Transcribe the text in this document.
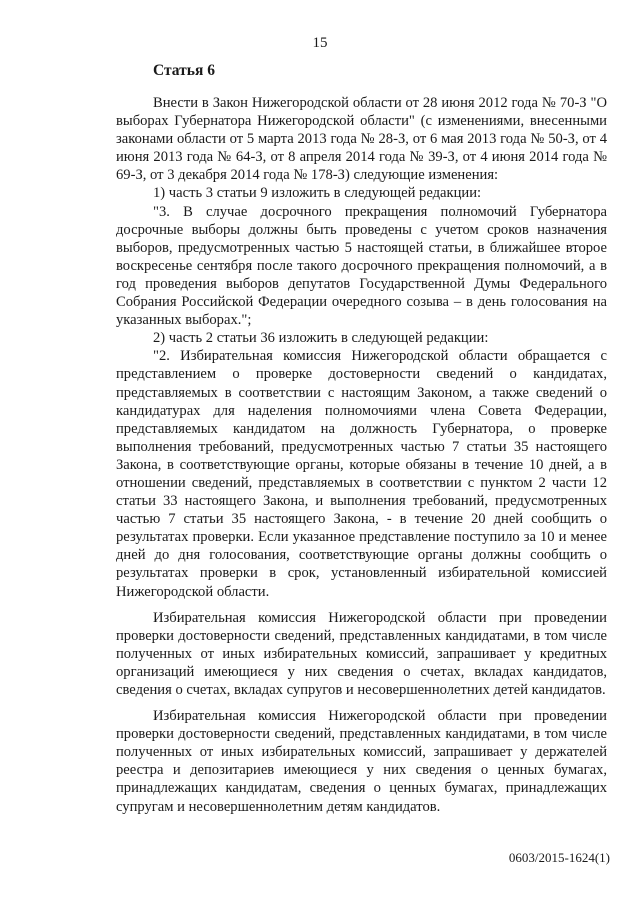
15
Статья 6

Внести в Закон Нижегородской области от 28 июня 2012 года № 70-З "О выборах Губернатора Нижегородской области" (с изменениями, внесенными законами области от 5 марта 2013 года № 28-З, от 6 мая 2013 года № 50-З, от 4 июня 2013 года № 64-З, от 8 апреля 2014 года № 39-З, от 4 июня 2014 года № 69-З, от 3 декабря 2014 года № 178-З) следующие изменения:

1) часть 3 статьи 9 изложить в следующей редакции:

"3. В случае досрочного прекращения полномочий Губернатора досрочные выборы должны быть проведены с учетом сроков назначения выборов, предусмотренных частью 5 настоящей статьи, в ближайшее второе воскресенье сентября после такого досрочного прекращения полномочий, а в год проведения выборов депутатов Государственной Думы Федерального Собрания Российской Федерации очередного созыва – в день голосования на указанных выборах.";

2) часть 2 статьи 36 изложить в следующей редакции:

"2. Избирательная комиссия Нижегородской области обращается с представлением о проверке достоверности сведений о кандидатах, представляемых в соответствии с настоящим Законом, а также сведений о кандидатурах для наделения полномочиями члена Совета Федерации, представляемых кандидатом на должность Губернатора, о проверке выполнения требований, предусмотренных частью 7 статьи 35 настоящего Закона, в соответствующие органы, которые обязаны в течение 10 дней, а в отношении сведений, представляемых в соответствии с пунктом 2 части 12 статьи 33 настоящего Закона, и выполнения требований, предусмотренных частью 7 статьи 35 настоящего Закона, - в течение 20 дней сообщить о результатах проверки. Если указанное представление поступило за 10 и менее дней до дня голосования, соответствующие органы должны сообщить о результатах проверки в срок, установленный избирательной комиссией Нижегородской области.

Избирательная комиссия Нижегородской области при проведении проверки достоверности сведений, представленных кандидатами, в том числе полученных от иных избирательных комиссий, запрашивает у кредитных организаций имеющиеся у них сведения о счетах, вкладах кандидатов, сведения о счетах, вкладах супругов и несовершеннолетних детей кандидатов.

Избирательная комиссия Нижегородской области при проведении проверки достоверности сведений, представленных кандидатами, в том числе полученных от иных избирательных комиссий, запрашивает у держателей реестра и депозитариев имеющиеся у них сведения о ценных бумагах, принадлежащих кандидатам, сведения о ценных бумагах, принадлежащих супругам и несовершеннолетним детям кандидатов.

0603/2015-1624(1)
